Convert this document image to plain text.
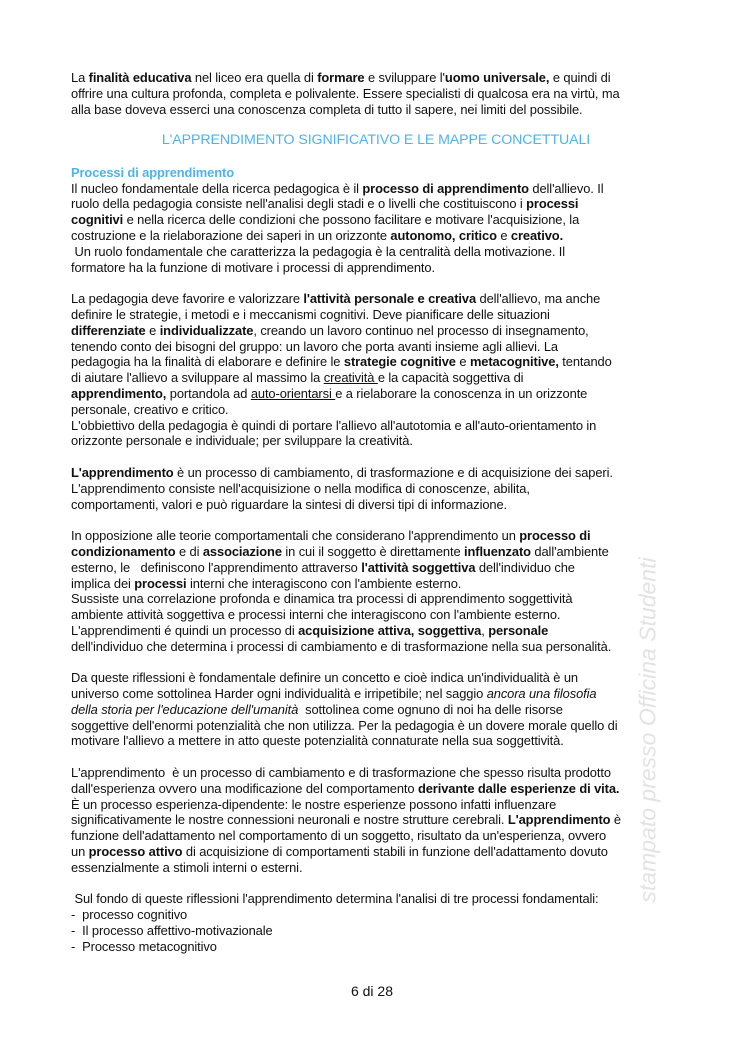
La finalità educativa nel liceo era quella di formare e sviluppare l'uomo universale, e quindi di
offrire una cultura profonda, completa e polivalente. Essere specialisti di qualcosa era na virtù, ma
alla base doveva esserci una conoscenza completa di tutto il sapere, nei limiti del possibile.
L'APPRENDIMENTO SIGNIFICATIVO E LE MAPPE CONCETTUALI
Processi di apprendimento
Il nucleo fondamentale della ricerca pedagogica è il processo di apprendimento dell'allievo. Il
ruolo della pedagogia consiste nell'analisi degli stadi e o livelli che costituiscono i processi
cognitivi e nella ricerca delle condizioni che possono facilitare e motivare l'acquisizione, la
costruzione e la rielaborazione dei saperi in un orizzonte autonomo, critico e creativo.
Un ruolo fondamentale che caratterizza la pedagogia è la centralità della motivazione. Il
formatore ha la funzione di motivare i processi di apprendimento.
La pedagogia deve favorire e valorizzare l'attività personale e creativa dell'allievo, ma anche
definire le strategie, i metodi e i meccanismi cognitivi. Deve pianificare delle situazioni
differenziate e individualizzate, creando un lavoro continuo nel processo di insegnamento,
tenendo conto dei bisogni del gruppo: un lavoro che porta avanti insieme agli allievi. La
pedagogia ha la finalità di elaborare e definire le strategie cognitive e metacognitive, tentando
di aiutare l'allievo a sviluppare al massimo la creatività e la capacità soggettiva di
apprendimento, portandola ad auto-orientarsi e a rielaborare la conoscenza in un orizzonte
personale, creativo e critico.
L'obbiettivo della pedagogia è quindi di portare l'allievo all'autotomia e all'auto-orientamento in
orizzonte personale e individuale; per sviluppare la creatività.
L'apprendimento è un processo di cambiamento, di trasformazione e di acquisizione dei saperi.
L'apprendimento consiste nell'acquisizione o nella modifica di conoscenze, abilita,
comportamenti, valori e può riguardare la sintesi di diversi tipi di informazione.
In opposizione alle teorie comportamentali che considerano l'apprendimento un processo di
condizionamento e di associazione in cui il soggetto è direttamente influenzato dall'ambiente
esterno, le   definiscono l'apprendimento attraverso l'attività soggettiva dell'individuo che
implica dei processi interni che interagiscono con l'ambiente esterno.
Sussiste una correlazione profonda e dinamica tra processi di apprendimento soggettività
ambiente attività soggettiva e processi interni che interagiscono con l'ambiente esterno.
L'apprendimenti é quindi un processo di acquisizione attiva, soggettiva, personale
dell'individuo che determina i processi di cambiamento e di trasformazione nella sua personalità.
Da queste riflessioni è fondamentale definire un concetto e cioè indica un'individualità è un
universo come sottolinea Harder ogni individualità e irripetibile; nel saggio ancora una filosofia
della storia per l'educazione dell'umanità  sottolinea come ognuno di noi ha delle risorse
soggettive dell'enormi potenzialità che non utilizza. Per la pedagogia è un dovere morale quello di
motivare l'allievo a mettere in atto queste potenzialità connaturate nella sua soggettività.
L'apprendimento  è un processo di cambiamento e di trasformazione che spesso risulta prodotto
dall'esperienza ovvero una modificazione del comportamento derivante dalle esperienze di vita.
È un processo esperienza-dipendente: le nostre esperienze possono infatti influenzare
significativamente le nostre connessioni neuronali e nostre strutture cerebrali. L'apprendimento è
funzione dell'adattamento nel comportamento di un soggetto, risultato da un'esperienza, ovvero
un processo attivo di acquisizione di comportamenti stabili in funzione dell'adattamento dovuto
essenzialmente a stimoli interni o esterni.
Sul fondo di queste riflessioni l'apprendimento determina l'analisi di tre processi fondamentali:
-  processo cognitivo
-  Il processo affettivo-motivazionale
-  Processo metacognitivo
6 di 28
stampato presso Officina Studenti
